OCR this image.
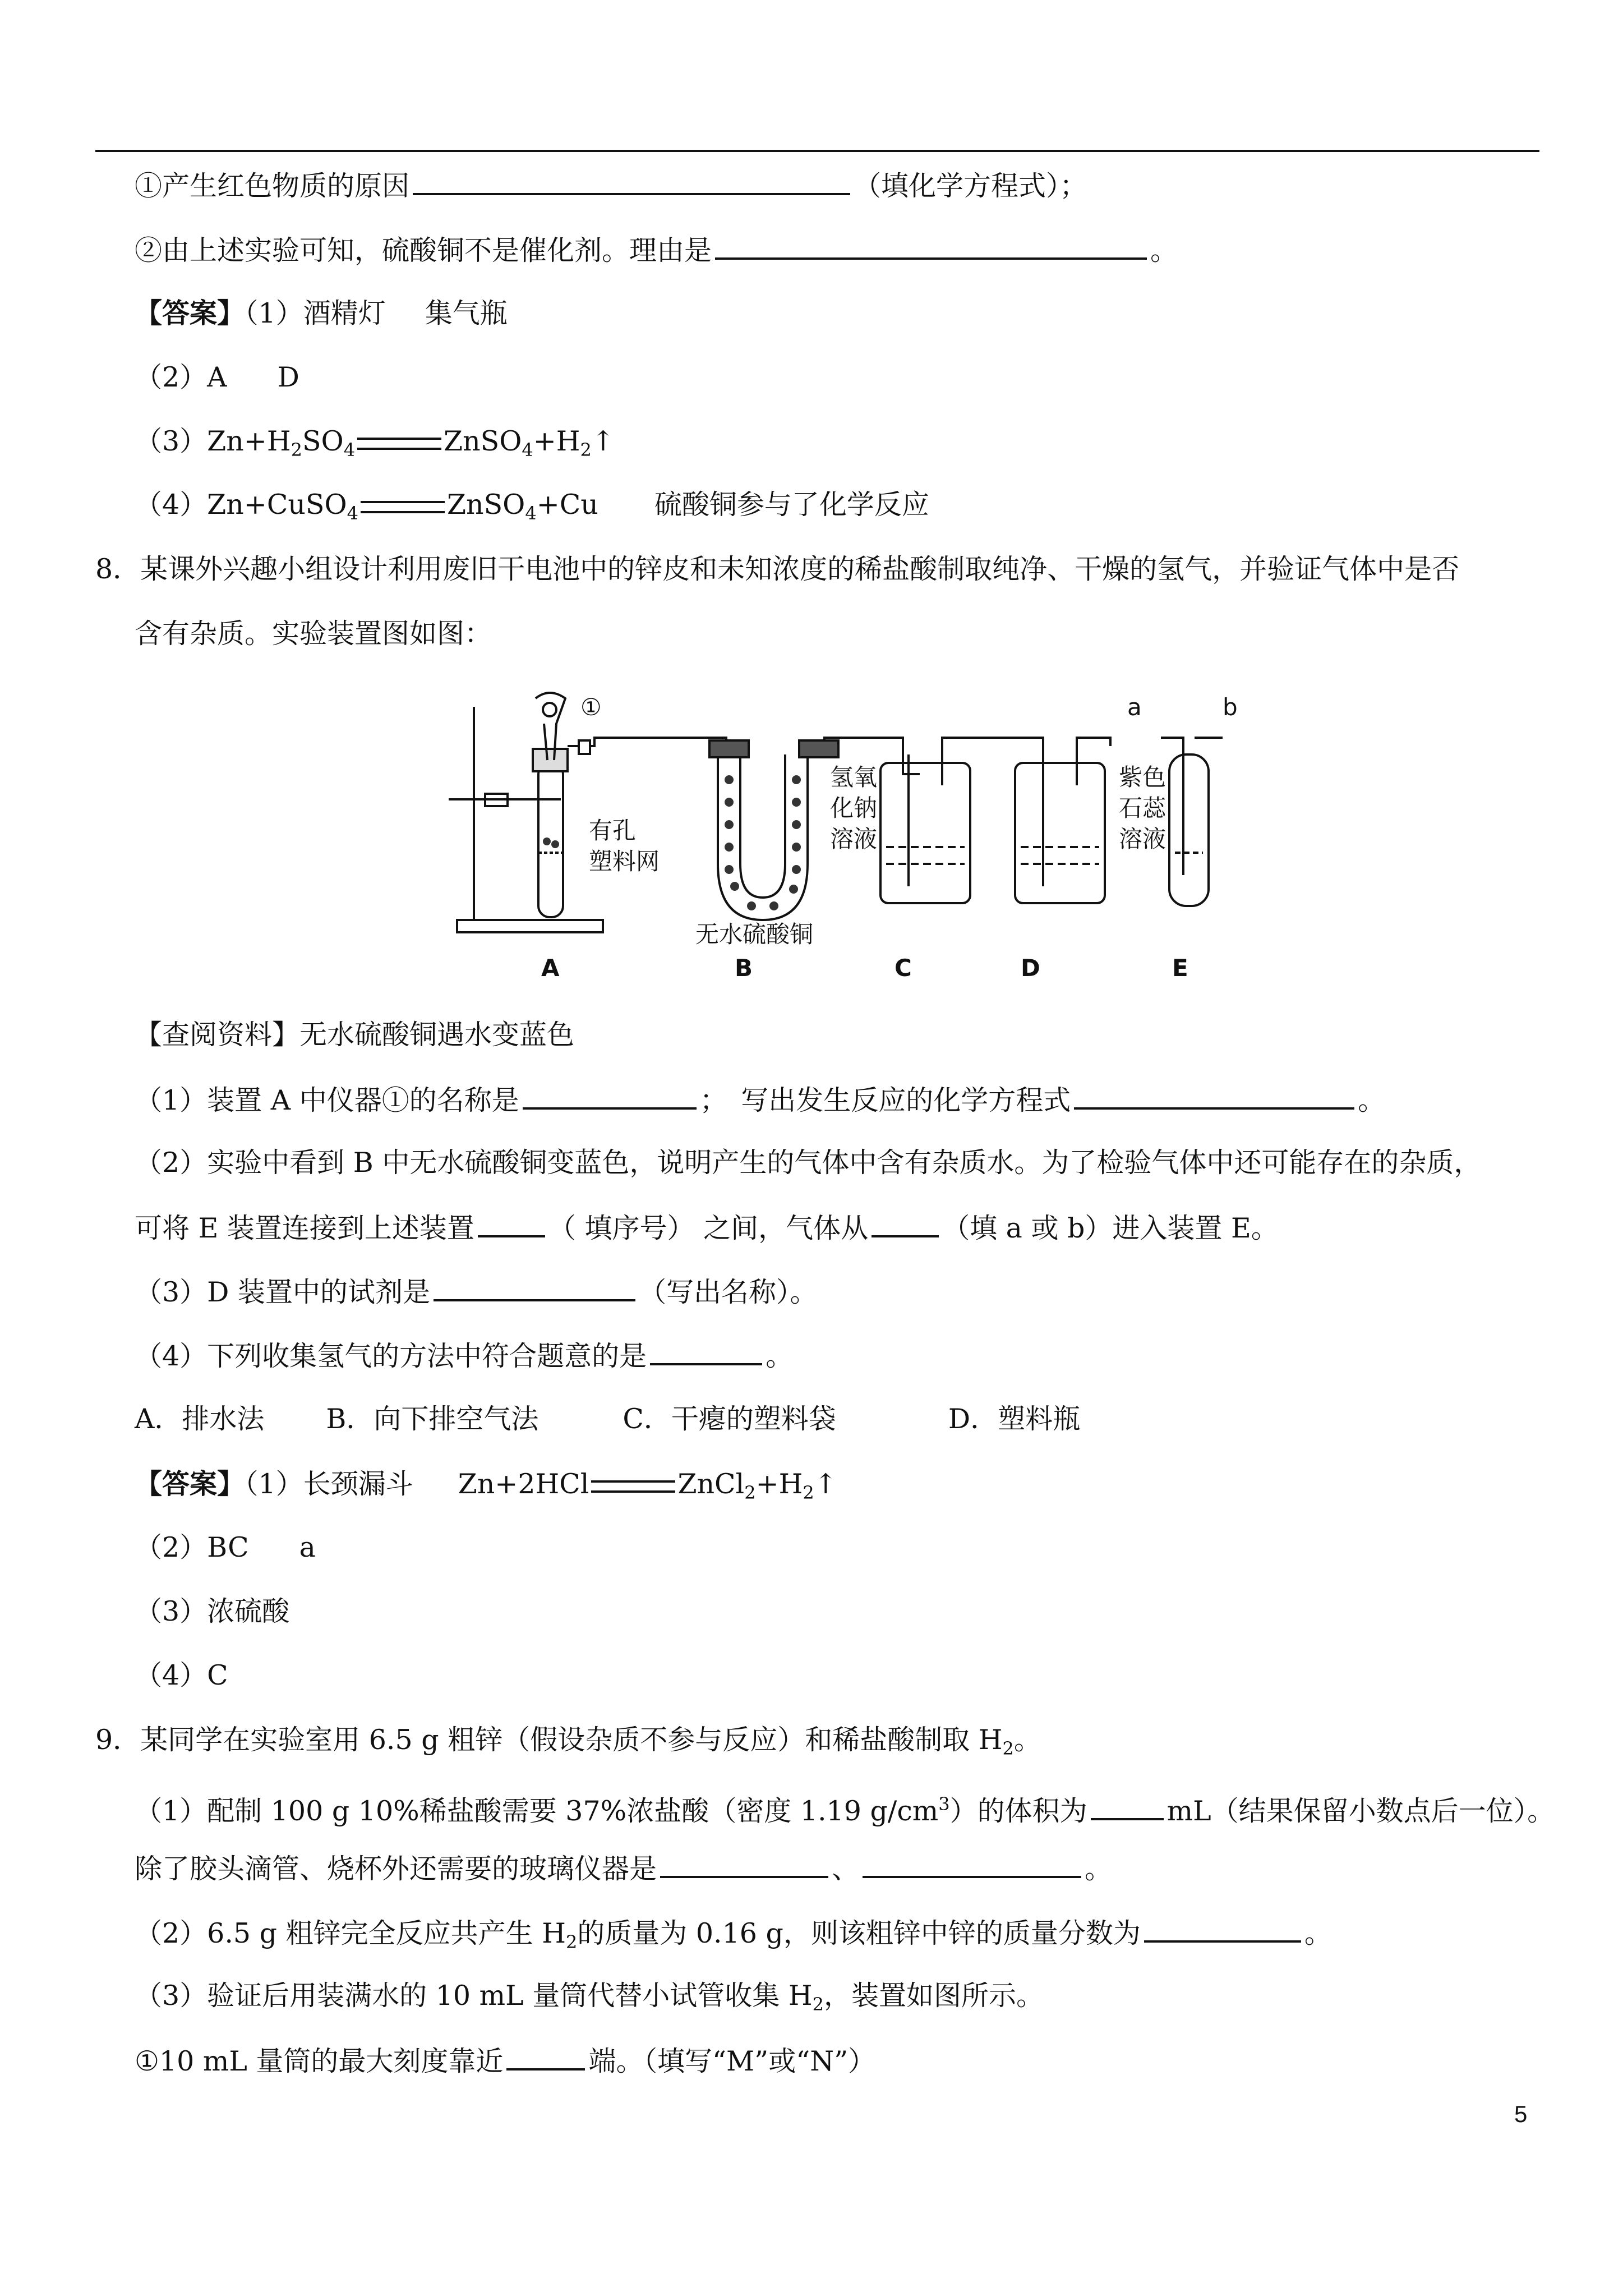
①产生红色物质的原因	（填化学方程式）；
②由上述实验可知，硫酸铜不是催化剂。理由是	。
【答案】（1）酒精灯 集气瓶
（2）A D
$(3)Zn+H_2SO_4$	$ZnSO_4+H_2↑$
（4）Zn+CuSO$_4$	ZnSO$_4$+Cu 硫酸铜参与了化学反应
8．某课外兴趣小组设计利用废旧干电池中的锌皮和未知浓度的稀盐酸制取纯净、干燥的氢气，并验证气体中是否
含有杂质。实验装置图如图：
①	a	b
有孔
塑料网
氢氧
化钠
溶液
紫色
石蕊
溶液
无水硫酸铜
A	B	C	D	E
【查阅资料】无水硫酸铜遇水变蓝色
（1）装置 A 中仪器①的名称是	；　写出发生反应的化学方程式	。
（2）实验中看到 B 中无水硫酸铜变蓝色，说明产生的气体中含有杂质水。为了检验气体中还可能存在的杂质，
可将 E 装置连接到上述装置	（ 填序号） 之间，气体从	（填 a 或 b）进入装置 E。
（3）D 装置中的试剂是	（写出名称）。
（4）下列收集氢气的方法中符合题意的是	。
A．排水法 B．向下排空气法	C．干瘪的塑料袋	D．塑料瓶
【答案】（1）长颈漏斗 Zn+2HCl	$ZnCl_2+H_2↑$
（2）BC a
（3）浓硫酸
（4）C
9．某同学在实验室用 6.5 g 粗锌（假设杂质不参与反应）和稀盐酸制取 $H_2$。
（1）配制 100 g 10%稀盐酸需要 37%浓盐酸（密度 1.19 $g/cm^3$）的体积为	mL（结果保留小数点后一位）。
除了胶头滴管、烧杯外还需要的玻璃仪器是	、	。
（2）6.5 g 粗锌完全反应共产生 $H_2$的质量为 0.16 g，则该粗锌中锌的质量分数为	。
（3）验证后用装满水的 10 mL 量筒代替小试管收集 $H_2$，装置如图所示。
①10 mL 量筒的最大刻度靠近	端。（填写“M”或“N”）
5
